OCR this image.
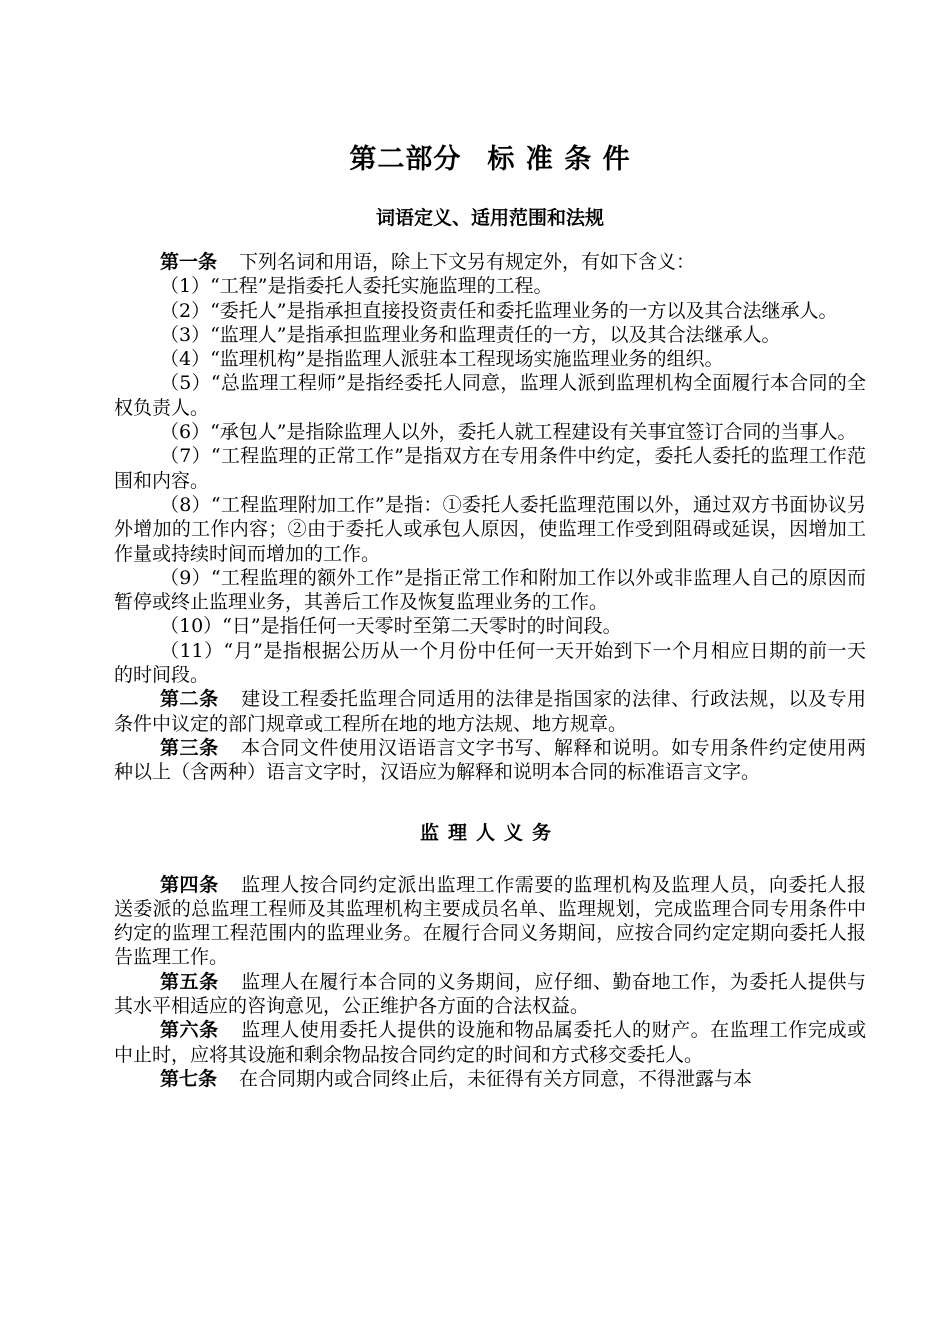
第二部分 标 准 条 件
词语定义、适用范围和法规

第一条 下列名词和用语，除上下文另有规定外，有如下含义：

（1）“工程”是指委托人委托实施监理的工程。

（2）“委托人”是指承担直接投资责任和委托监理业务的一方以及其合法继承人。

（3）“监理人”是指承担监理业务和监理责任的一方，以及其合法继承人。

（4）“监理机构”是指监理人派驻本工程现场实施监理业务的组织。

（5）“总监理工程师”是指经委托人同意，监理人派到监理机构全面履行本合同的全权负责人。

（6）“承包人”是指除监理人以外，委托人就工程建设有关事宜签订合同的当事人。

（7）“工程监理的正常工作”是指双方在专用条件中约定，委托人委托的监理工作范围和内容。

（8）“工程监理附加工作”是指：①委托人委托监理范围以外，通过双方书面协议另外增加的工作内容；②由于委托人或承包人原因，使监理工作受到阻碍或延误，因增加工作量或持续时间而增加的工作。

（9）“工程监理的额外工作”是指正常工作和附加工作以外或非监理人自己的原因而暂停或终止监理业务，其善后工作及恢复监理业务的工作。

（10）“日”是指任何一天零时至第二天零时的时间段。

（11）“月”是指根据公历从一个月份中任何一天开始到下一个月相应日期的前一天的时间段。

第二条 建设工程委托监理合同适用的法律是指国家的法律、行政法规，以及专用条件中议定的部门规章或工程所在地的地方法规、地方规章。

第三条 本合同文件使用汉语语言文字书写、解释和说明。如专用条件约定使用两种以上（含两种）语言文字时，汉语应为解释和说明本合同的标准语言文字。

监理人义务

第四条 监理人按合同约定派出监理工作需要的监理机构及监理人员，向委托人报送委派的总监理工程师及其监理机构主要成员名单、监理规划，完成监理合同专用条件中约定的监理工程范围内的监理业务。在履行合同义务期间，应按合同约定定期向委托人报告监理工作。

第五条 监理人在履行本合同的义务期间，应仔细、勤奋地工作，为委托人提供与其水平相适应的咨询意见，公正维护各方面的合法权益。

第六条 监理人使用委托人提供的设施和物品属委托人的财产。在监理工作完成或中止时，应将其设施和剩余物品按合同约定的时间和方式移交委托人。

第七条 在合同期内或合同终止后，未征得有关方同意，不得泄露与本
